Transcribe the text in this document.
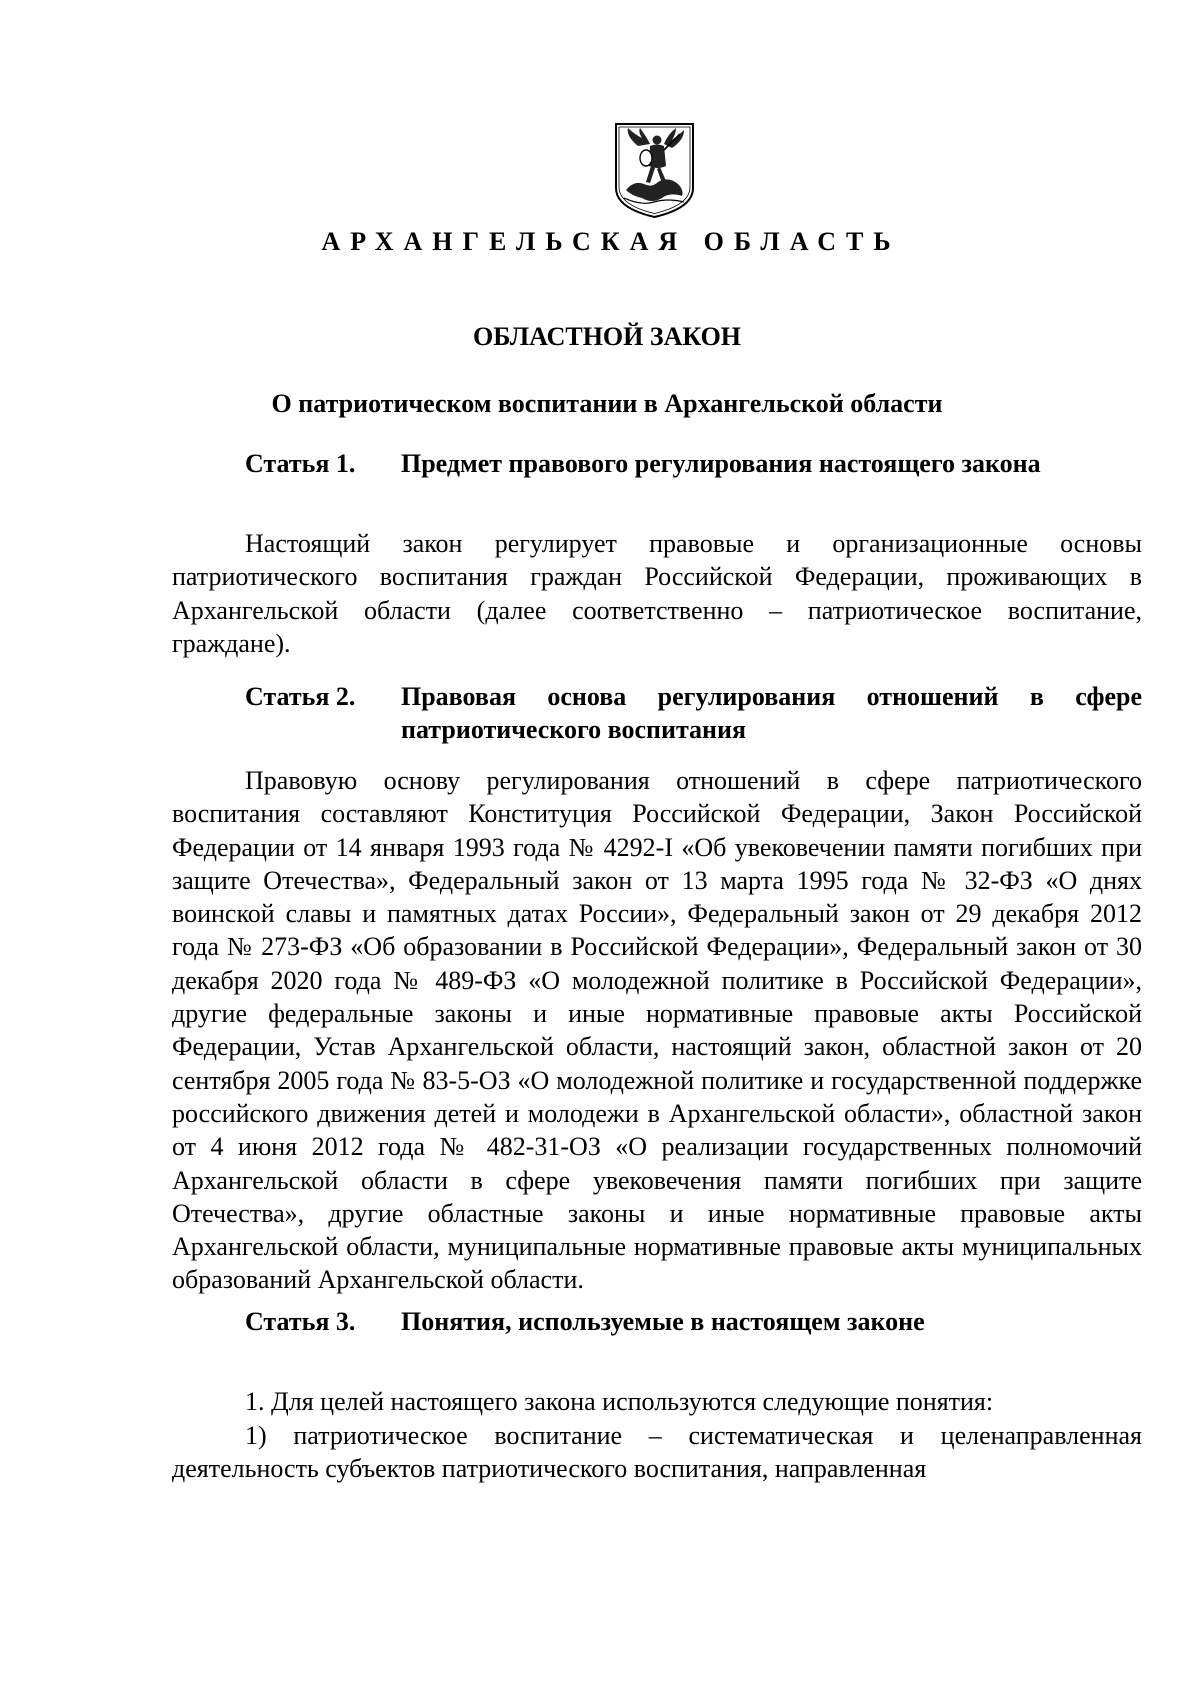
АРХАНГЕЛЬСКАЯ ОБЛАСТЬ
ОБЛАСТНОЙ ЗАКОН
О патриотическом воспитании в Архангельской области
Статья 1. Предмет правового регулирования настоящего закона

Настоящий закон регулирует правовые и организационные основы патриотического воспитания граждан Российской Федерации, проживающих в Архангельской области (далее соответственно – патриотическое воспитание, граждане).

Статья 2. Правовая основа регулирования отношений в сфере патриотического воспитания

Правовую основу регулирования отношений в сфере патриотического воспитания составляют Конституция Российской Федерации, Закон Российской Федерации от 14 января 1993 года № 4292-I «Об увековечении памяти погибших при защите Отечества», Федеральный закон от 13 марта 1995 года № 32-ФЗ «О днях воинской славы и памятных датах России», Федеральный закон от 29 декабря 2012 года № 273-ФЗ «Об образовании в Российской Федерации», Федеральный закон от 30 декабря 2020 года № 489-ФЗ «О молодежной политике в Российской Федерации», другие федеральные законы и иные нормативные правовые акты Российской Федерации, Устав Архангельской области, настоящий закон, областной закон от 20 сентября 2005 года № 83-5-ОЗ «О молодежной политике и государственной поддержке российского движения детей и молодежи в Архангельской области», областной закон от 4 июня 2012 года № 482-31-ОЗ «О реализации государственных полномочий Архангельской области в сфере увековечения памяти погибших при защите Отечества», другие областные законы и иные нормативные правовые акты Архангельской области, муниципальные нормативные правовые акты муниципальных образований Архангельской области.

Статья 3. Понятия, используемые в настоящем законе

1. Для целей настоящего закона используются следующие понятия:

1) патриотическое воспитание – систематическая и целенаправленная деятельность субъектов патриотического воспитания, направленная
